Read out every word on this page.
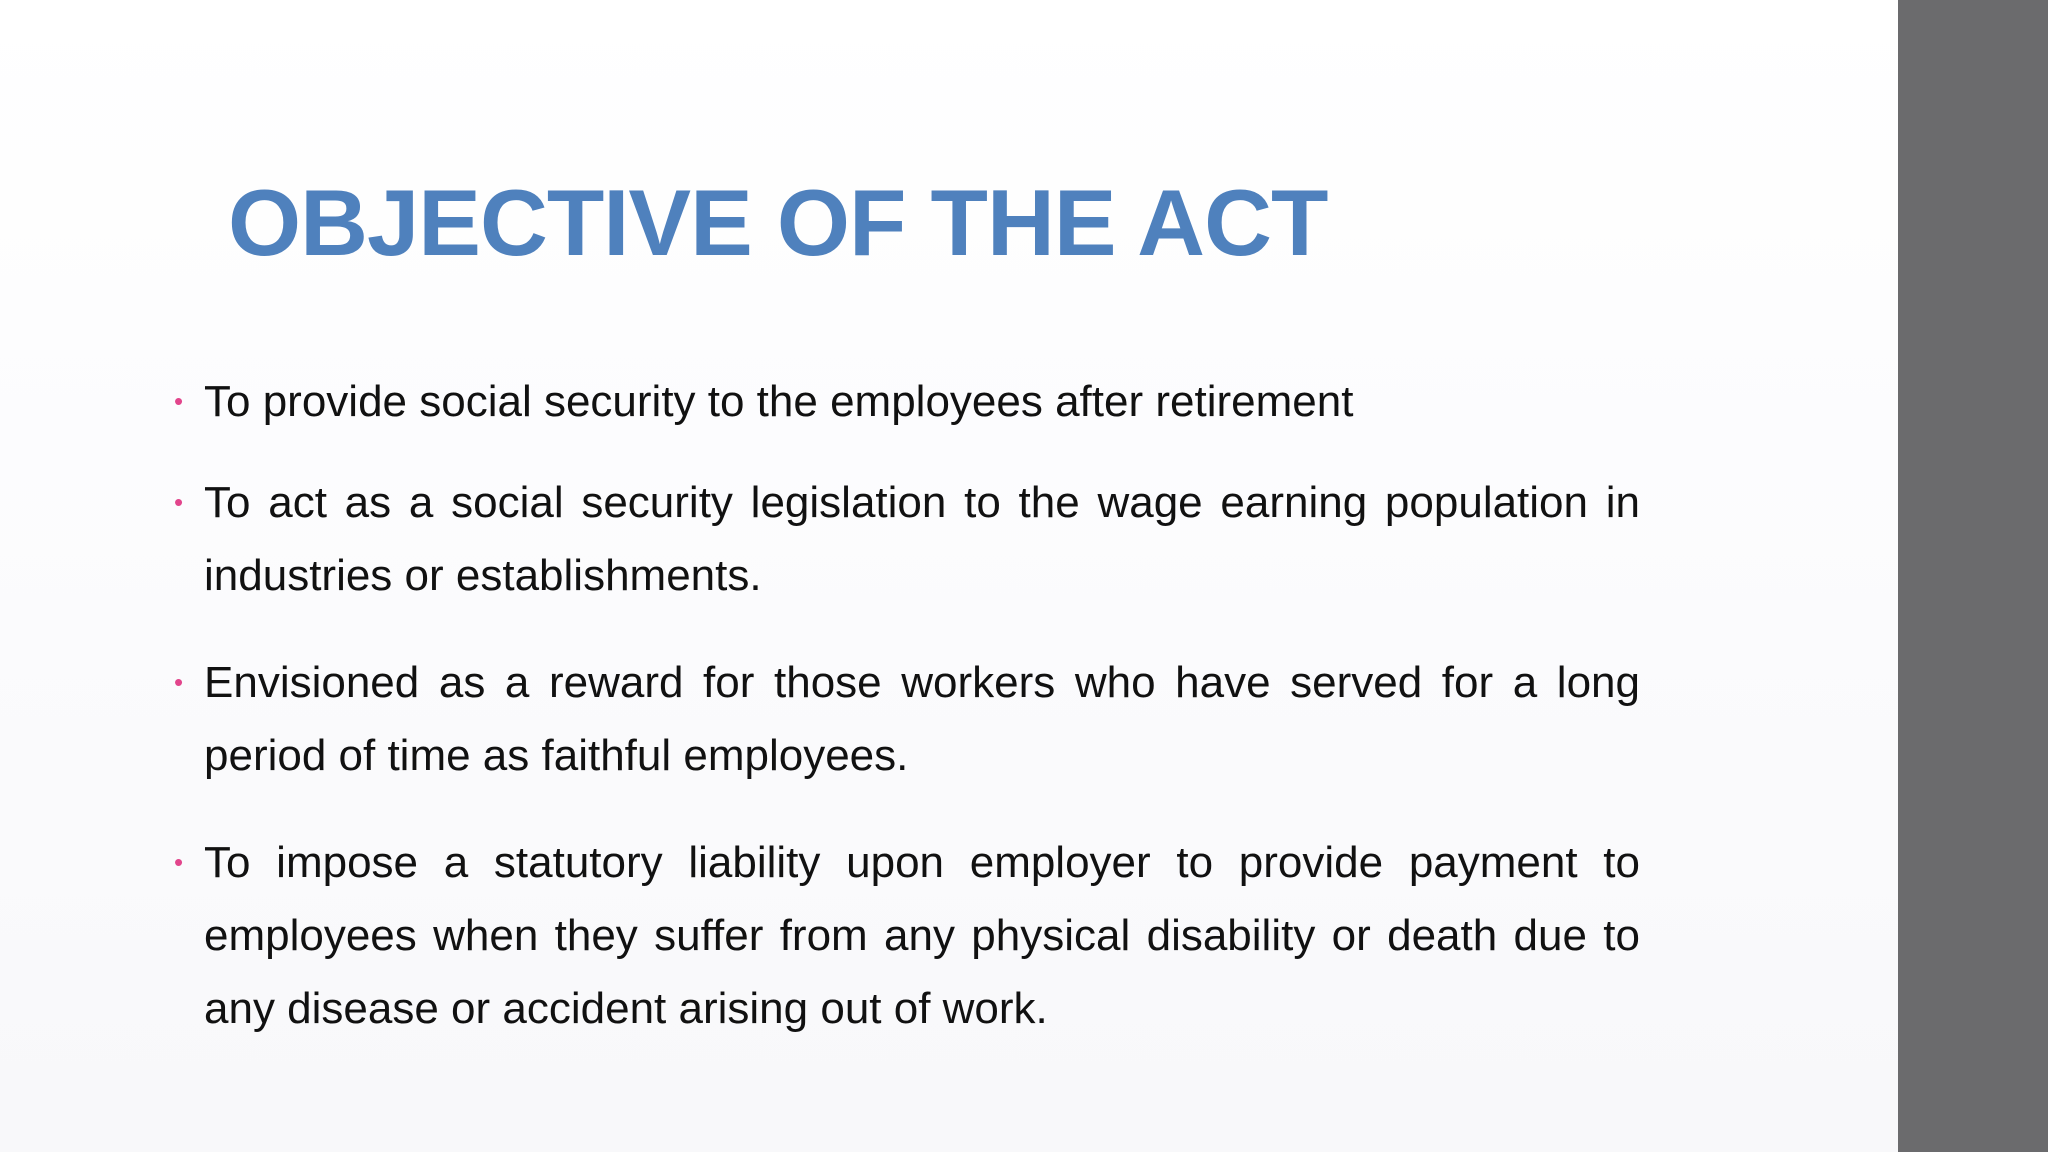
OBJECTIVE OF THE ACT
• To provide social security to the employees after retirement
• To act as a social security legislation to the wage earning population in industries or establishments.
• Envisioned as a reward for those workers who have served for a long period of time as faithful employees.
• To impose a statutory liability upon employer to provide payment to employees when they suffer from any physical disability or death due to any disease or accident arising out of work.
